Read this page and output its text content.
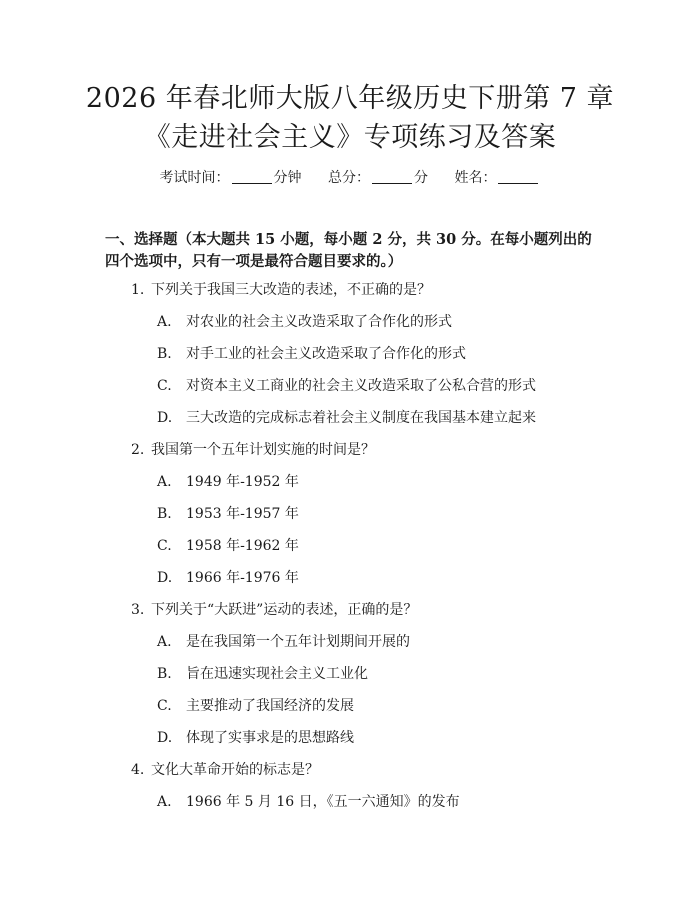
2026 年春北师大版八年级历史下册第 7 章
《走进社会主义》专项练习及答案
考试时间：	分钟 总分：	分 姓名：
一、选择题（本大题共 15 小题，每小题 2 分，共 30 分。在每小题列出的四个选项中，只有一项是最符合题目要求的。）
1. 下列关于我国三大改造的表述，不正确的是？
A. 对农业的社会主义改造采取了合作化的形式
B. 对手工业的社会主义改造采取了合作化的形式
C. 对资本主义工商业的社会主义改造采取了公私合营的形式
D. 三大改造的完成标志着社会主义制度在我国基本建立起来
2. 我国第一个五年计划实施的时间是？
A. 1949 年-1952 年
B. 1953 年-1957 年
C. 1958 年-1962 年
D. 1966 年-1976 年
3. 下列关于“大跃进”运动的表述，正确的是？
A. 是在我国第一个五年计划期间开展的
B. 旨在迅速实现社会主义工业化
C. 主要推动了我国经济的发展
D. 体现了实事求是的思想路线
4. 文化大革命开始的标志是？
A. 1966 年 5 月 16 日，《五一六通知》的发布
